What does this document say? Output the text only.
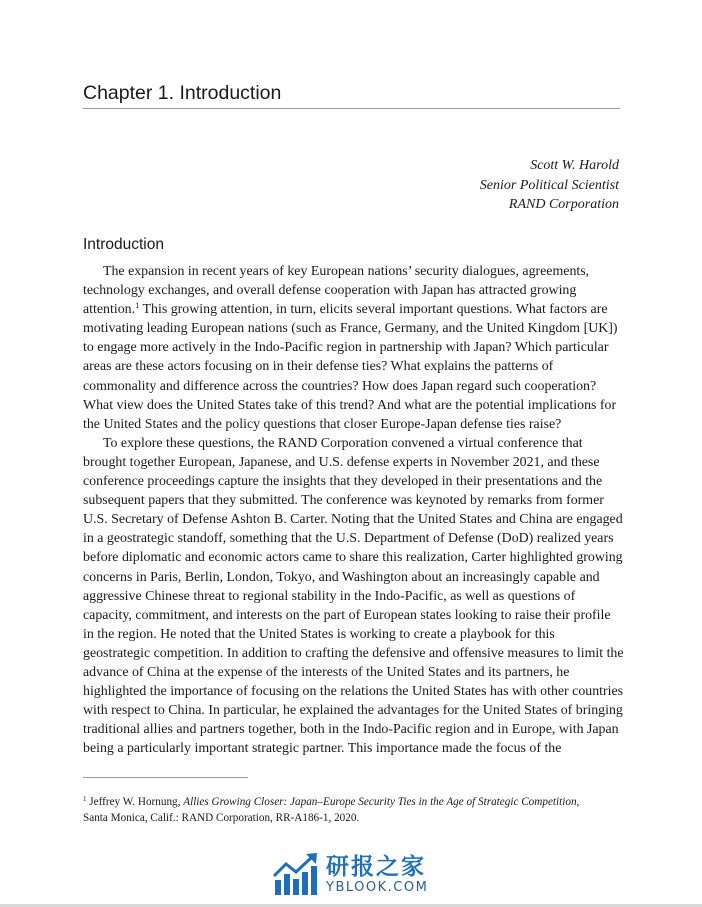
Chapter 1. Introduction
Scott W. Harold
Senior Political Scientist
RAND Corporation
Introduction
The expansion in recent years of key European nations’ security dialogues, agreements,
technology exchanges, and overall defense cooperation with Japan has attracted growing
attention.$^1$ This growing attention, in turn, elicits several important questions. What factors are
motivating leading European nations (such as France, Germany, and the United Kingdom [UK])
to engage more actively in the Indo-Pacific region in partnership with Japan? Which particular
areas are these actors focusing on in their defense ties? What explains the patterns of
commonality and difference across the countries? How does Japan regard such cooperation?
What view does the United States take of this trend? And what are the potential implications for
the United States and the policy questions that closer Europe-Japan defense ties raise?
To explore these questions, the RAND Corporation convened a virtual conference that
brought together European, Japanese, and U.S. defense experts in November 2021, and these
conference proceedings capture the insights that they developed in their presentations and the
subsequent papers that they submitted. The conference was keynoted by remarks from former
U.S. Secretary of Defense Ashton B. Carter. Noting that the United States and China are engaged
in a geostrategic standoff, something that the U.S. Department of Defense (DoD) realized years
before diplomatic and economic actors came to share this realization, Carter highlighted growing
concerns in Paris, Berlin, London, Tokyo, and Washington about an increasingly capable and
aggressive Chinese threat to regional stability in the Indo-Pacific, as well as questions of
capacity, commitment, and interests on the part of European states looking to raise their profile
in the region. He noted that the United States is working to create a playbook for this
geostrategic competition. In addition to crafting the defensive and offensive measures to limit the
advance of China at the expense of the interests of the United States and its partners, he
highlighted the importance of focusing on the relations the United States has with other countries
with respect to China. In particular, he explained the advantages for the United States of bringing
traditional allies and partners together, both in the Indo-Pacific region and in Europe, with Japan
being a particularly important strategic partner. This importance made the focus of the
$^1$ Jeffrey W. Hornung, Allies Growing Closer: Japan–Europe Security Ties in the Age of Strategic Competition,
Santa Monica, Calif.: RAND Corporation, RR-A186-1, 2020.
研报之家
YBLOOK.COM
